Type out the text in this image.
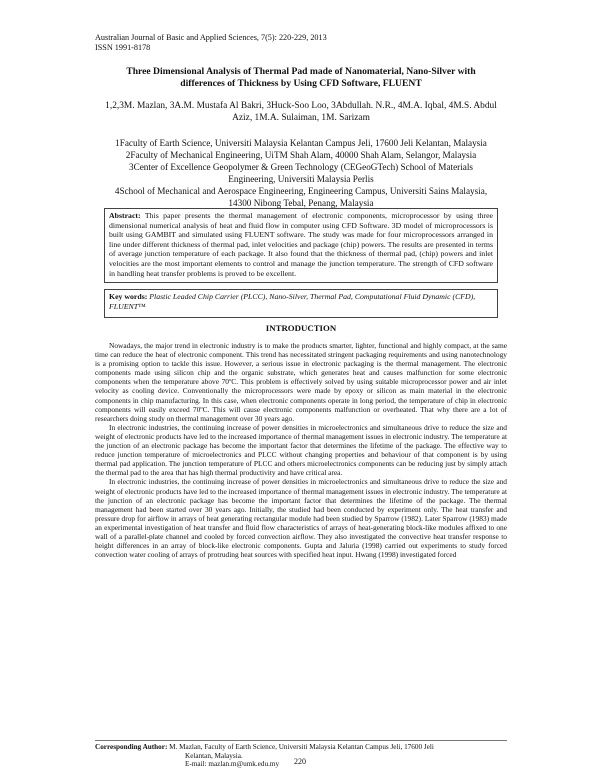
Australian Journal of Basic and Applied Sciences, 7(5): 220-229, 2013
ISSN 1991-8178
Three Dimensional Analysis of Thermal Pad made of Nanomaterial, Nano-Silver with
differences of Thickness by Using CFD Software, FLUENT
1,2,3M. Mazlan, 3A.M. Mustafa Al Bakri, 3Huck-Soo Loo, 3Abdullah. N.R., 4M.A. Iqbal, 4M.S. Abdul
Aziz, 1M.A. Sulaiman, 1M. Sarizam
1Faculty of Earth Science, Universiti Malaysia Kelantan Campus Jeli, 17600 Jeli Kelantan, Malaysia
2Faculty of Mechanical Engineering, UiTM Shah Alam, 40000 Shah Alam, Selangor, Malaysia
3Center of Excellence Geopolymer & Green Technology (CEGeoGTech) School of Materials
Engineering, Universiti Malaysia Perlis
4School of Mechanical and Aerospace Engineering, Engineering Campus, Universiti Sains Malaysia,
14300 Nibong Tebal, Penang, Malaysia
Abstract: This paper presents the thermal management of electronic components, microprocessor by using three dimensional numerical analysis of heat and fluid flow in computer using CFD Software. 3D model of microprocessors is built using GAMBIT and simulated using FLUENT software. The study was made for four microprocessors arranged in line under different thickness of thermal pad, inlet velocities and package (chip) powers. The results are presented in terms of average junction temperature of each package. It also found that the thickness of thermal pad, (chip) powers and inlet velocities are the most important elements to control and manage the junction temperature. The strength of CFD software in handling heat transfer problems is proved to be excellent.
Key words: Plastic Leaded Chip Carrier (PLCC), Nano-Silver, Thermal Pad, Computational Fluid Dynamic (CFD), FLUENT™
INTRODUCTION

Nowadays, the major trend in electronic industry is to make the products smarter, lighter, functional and highly compact, at the same time can reduce the heat of electronic component. This trend has necessitated stringent packaging requirements and using nanotechnology is a promising option to tackle this issue. However, a serious issue in electronic packaging is the thermal management. The electronic components made using silicon chip and the organic substrate, which generates heat and causes malfunction for some electronic components when the temperature above 70ºC. This problem is effectively solved by using suitable microprocessor power and air inlet velocity as cooling device. Conventionally the microprocessors were made by epoxy or silicon as main material in the electronic components in chip manufacturing. In this case, when electronic components operate in long period, the temperature of chip in electronic components will easily exceed 70ºC. This will cause electronic components malfunction or overheated. That why there are a lot of researchers doing study on thermal management over 30 years ago.

In electronic industries, the continuing increase of power densities in microelectronics and simultaneous drive to reduce the size and weight of electronic products have led to the increased importance of thermal management issues in electronic industry. The temperature at the junction of an electronic package has become the important factor that determines the lifetime of the package. The effective way to reduce junction temperature of microelectronics and PLCC without changing properties and behaviour of that component is by using thermal pad application. The junction temperature of PLCC and others microelectronics components can be reducing just by simply attach the thermal pad to the area that has high thermal productivity and have critical area.

In electronic industries, the continuing increase of power densities in microelectronics and simultaneous drive to reduce the size and weight of electronic products have led to the increased importance of thermal management issues in electronic industry. The temperature at the junction of an electronic package has become the important factor that determines the lifetime of the package. The thermal management had been started over 30 years ago. Initially, the studied had been conducted by experiment only. The heat transfer and pressure drop for airflow in arrays of heat generating rectangular module had been studied by Sparrow (1982). Later Sparrow (1983) made an experimental investigation of heat transfer and fluid flow characteristics of arrays of heat-generating block-like modules affixed to one wall of a parallel-plate channel and cooled by forced convection airflow. They also investigated the convective heat transfer response to height differences in an array of block-like electronic components. Gupta and Jaluria (1998) carried out experiments to study forced convection water cooling of arrays of protruding heat sources with specified heat input. Hwang (1998) investigated forced

Corresponding Author: M. Mazlan, Faculty of Earth Science, Universiti Malaysia Kelantan Campus Jeli, 17600 Jeli
Kelantan, Malaysia.
E-mail: mazlan.m@umk.edu.my	220
